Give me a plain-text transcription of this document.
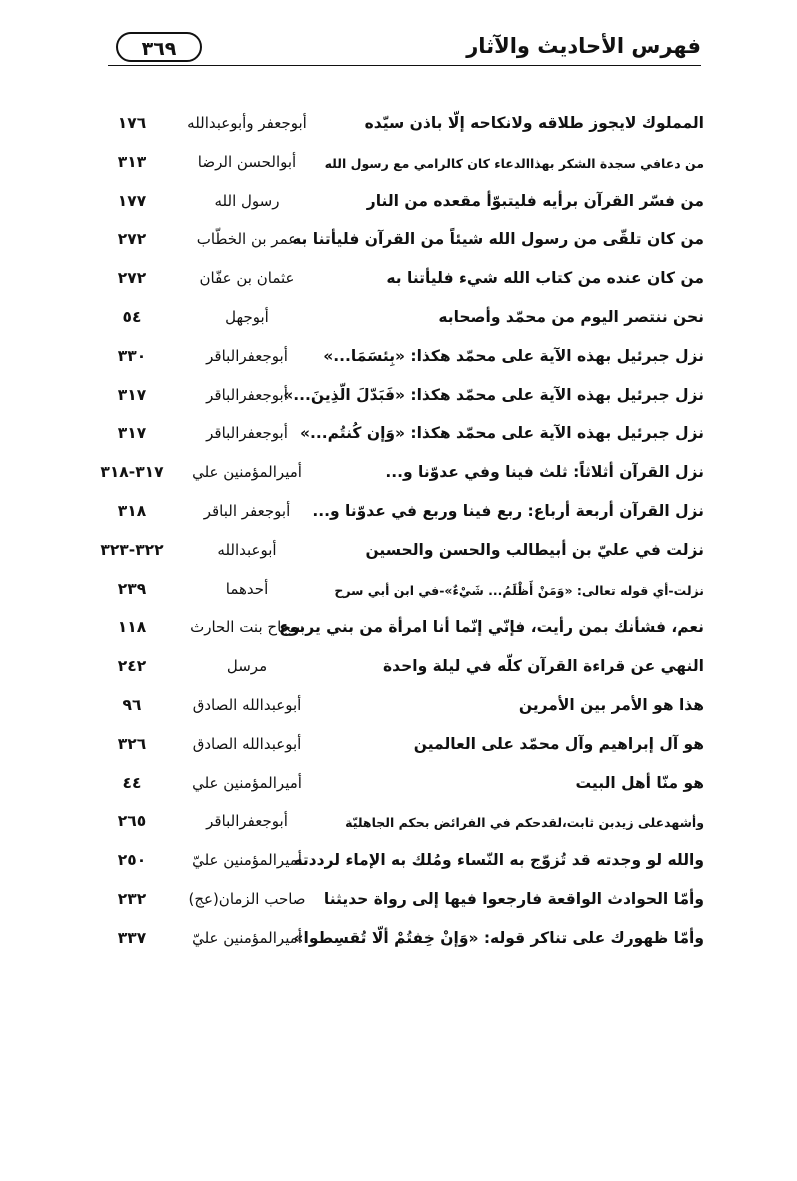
فهرس الأحاديث والآثار
٣٦٩
المملوك لايجوز طلاقه ولانكاحه إلّا باذن سيّده
أبوجعفر وأبوعبدالله
١٧٦
من دعافي سجدة الشكر بهذاالدعاء كان كالرامي مع رسول الله
أبوالحسن الرضا
٣١٣
من فسّر القرآن برأيه فليتبوّأ مقعده من النار
رسول الله
١٧٧
من كان تلقّى من رسول الله شيئاً من القرآن فليأتنا به
عمر بن الخطّاب
٢٧٢
من كان عنده من كتاب الله شيء فليأتنا به
عثمان بن عفّان
٢٧٢
نحن ننتصر اليوم من محمّد وأصحابه
أبوجهل
٥٤
نزل جبرئيل بهذه الآية على محمّد هكذا: «بِئسَمَا...»
أبوجعفرالباقر
٣٣٠
نزل جبرئيل بهذه الآية على محمّد هكذا: «فَبَدّلَ الّذِينَ...»
أبوجعفرالباقر
٣١٧
نزل جبرئيل بهذه الآية على محمّد هكذا: «وَإن كُنتُم...»
أبوجعفرالباقر
٣١٧
نزل القرآن أثلاثاً: ثلث فينا وفي عدوّنا و...
أميرالمؤمنين علي
٣١٧-٣١٨
نزل القرآن أربعة أرباع: ربع فينا وربع في عدوّنا و...
أبوجعفر الباقر
٣١٨
نزلت في عليّ بن أبيطالب والحسن والحسين
أبوعبدالله
٣٢٢-٣٢٣
نزلت-أي قوله تعالى: «وَمَنْ أَظْلَمُ... شَيْءٌ»-في ابن أبي سرح
أحدهما
٢٣٩
نعم، فشأنك بمن رأيت، فإنّي إنّما أنا امرأة من بني يربوع
سجاح بنت الحارث
١١٨
النهي عن قراءة القرآن كلّه في ليلة واحدة
مرسل
٢٤٢
هذا هو الأمر بين الأمرين
أبوعبدالله الصادق
٩٦
هو آل إبراهيم وآل محمّد على العالمين
أبوعبدالله الصادق
٣٢٦
هو منّا أهل البيت
أميرالمؤمنين علي
٤٤
وأشهدعلى زيدبن ثابت،لقدحكم في الفرائض بحكم الجاهليّة
أبوجعفرالباقر
٢٦٥
والله لو وجدته قد تُزوّج به النّساء ومُلك به الإماء لرددته
أميرالمؤمنين عليّ
٢٥٠
وأمّا الحوادث الواقعة فارجعوا فيها إلى رواة حديثنا
صاحب الزمان(عج)
٢٣٢
وأمّا ظهورك على تناكر قوله: «وَإنْ خِفتُمْ ألّا تُقسِطوا»
أميرالمؤمنين عليّ
٣٣٧
